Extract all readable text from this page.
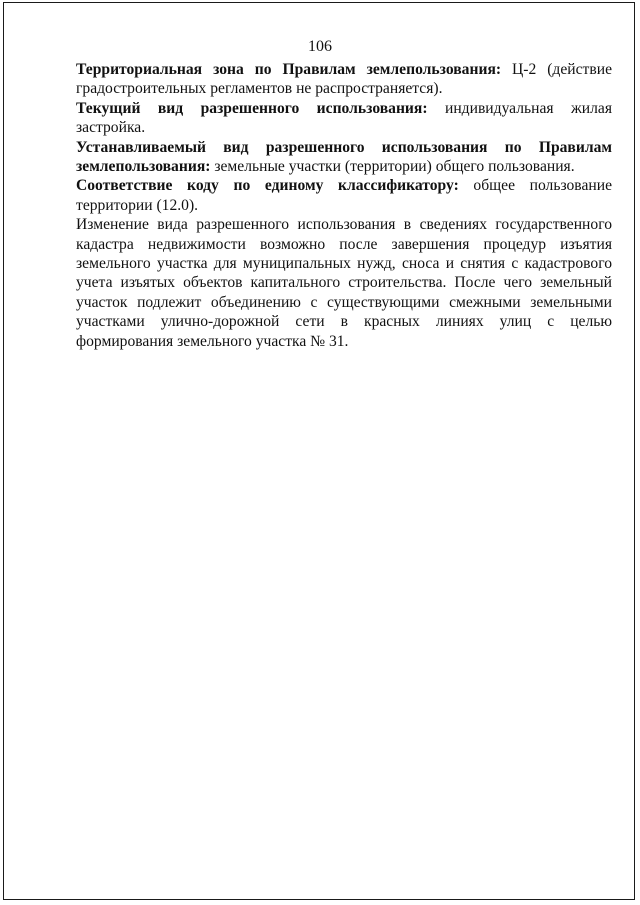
106

Территориальная зона по Правилам землепользования: Ц-2 (действие градостроительных регламентов не распространяется).

Текущий вид разрешенного использования: индивидуальная жилая застройка.

Устанавливаемый вид разрешенного использования по Правилам землепользования: земельные участки (территории) общего пользования.

Соответствие коду по единому классификатору: общее пользование территории (12.0).

Изменение вида разрешенного использования в сведениях государственного кадастра недвижимости возможно после завершения процедур изъятия земельного участка для муниципальных нужд, сноса и снятия с кадастрового учета изъятых объектов капитального строительства. После чего земельный участок подлежит объединению с существующими смежными земельными участками улично-дорожной сети в красных линиях улиц с целью формирования земельного участка № 31.
